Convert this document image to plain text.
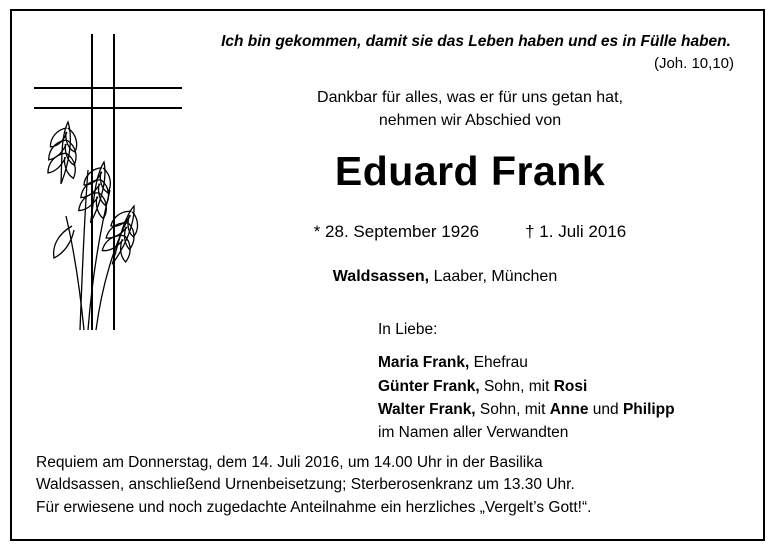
Ich bin gekommen, damit sie das Leben haben und es in Fülle haben.
(Joh. 10,10)
Dankbar für alles, was er für uns getan hat,
nehmen wir Abschied von
Eduard Frank
* 28. September 1926	† 1. Juli 2016
Waldsassen, Laaber, München
In Liebe:
Maria Frank, Ehefrau
Günter Frank, Sohn, mit Rosi
Walter Frank, Sohn, mit Anne und Philipp
im Namen aller Verwandten
Requiem am Donnerstag, dem 14. Juli 2016, um 14.00 Uhr in der Basilika
Waldsassen, anschließend Urnenbeisetzung; Sterberosenkranz um 13.30 Uhr.
Für erwiesene und noch zugedachte Anteilnahme ein herzliches „Vergelt’s Gott!“.
